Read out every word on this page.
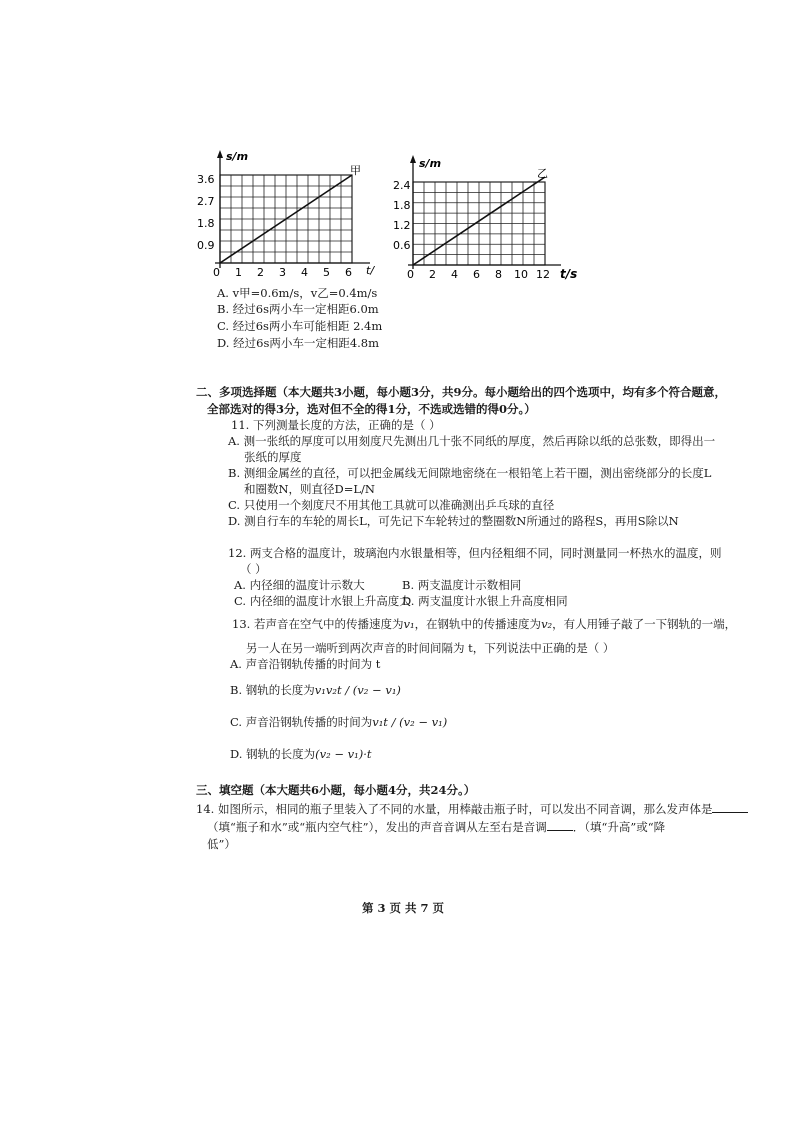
s/m
t/
甲
3.6
2.7
1.8
0.9
0 1 2 3 4 5 6
s/m
t/s
乙
2.4
1.8
1.2
0.6
0 2 4 6 8 10 12
A. v甲=0.6m/s，v乙=0.4m/s
B. 经过6s两小车一定相距6.0m
C. 经过6s两小车可能相距 2.4m
D. 经过6s两小车一定相距4.8m
二、多项选择题（本大题共3小题，每小题3分，共9分。每小题给出的四个选项中，均有多个符合题意，
全部选对的得3分，选对但不全的得1分，不选或选错的得0分。）
11. 下列测量长度的方法，正确的是（ ）
A. 测一张纸的厚度可以用刻度尺先测出几十张不同纸的厚度，然后再除以纸的总张数，即得出一
张纸的厚度
B. 测细金属丝的直径，可以把金属线无间隙地密绕在一根铅笔上若干圈，测出密绕部分的长度L
和圈数N，则直径D=L/N
C. 只使用一个刻度尺不用其他工具就可以准确测出乒乓球的直径
D. 测自行车的车轮的周长L，可先记下车轮转过的整圈数N所通过的路程S，再用S除以N
12. 两支合格的温度计，玻璃泡内水银量相等，但内径粗细不同，同时测量同一杯热水的温度，则
（ ）
A. 内径细的温度计示数大	B. 两支温度计示数相同
C. 内径细的温度计水银上升高度大
D. 两支温度计水银上升高度相同
13. 若声音在空气中的传播速度为v₁，在钢轨中的传播速度为v₂，有人用锤子敲了一下钢轨的一端，
另一人在另一端听到两次声音的时间间隔为 t，下列说法中正确的是（ ）
A. 声音沿钢轨传播的时间为 t
B. 钢轨的长度为v₁v₂t / (v₂ − v₁)
C. 声音沿钢轨传播的时间为v₁t / (v₂ − v₁)
D. 钢轨的长度为(v₂ − v₁)·t
三、填空题（本大题共6小题，每小题4分，共24分。）
14. 如图所示，相同的瓶子里装入了不同的水量，用棒敲击瓶子时，可以发出不同音调，那么发声体是
（填“瓶子和水”或“瓶内空气柱”），发出的声音音调从左至右是音调 ．（填“升高”或“降
低”）
第 3 页 共 7 页
